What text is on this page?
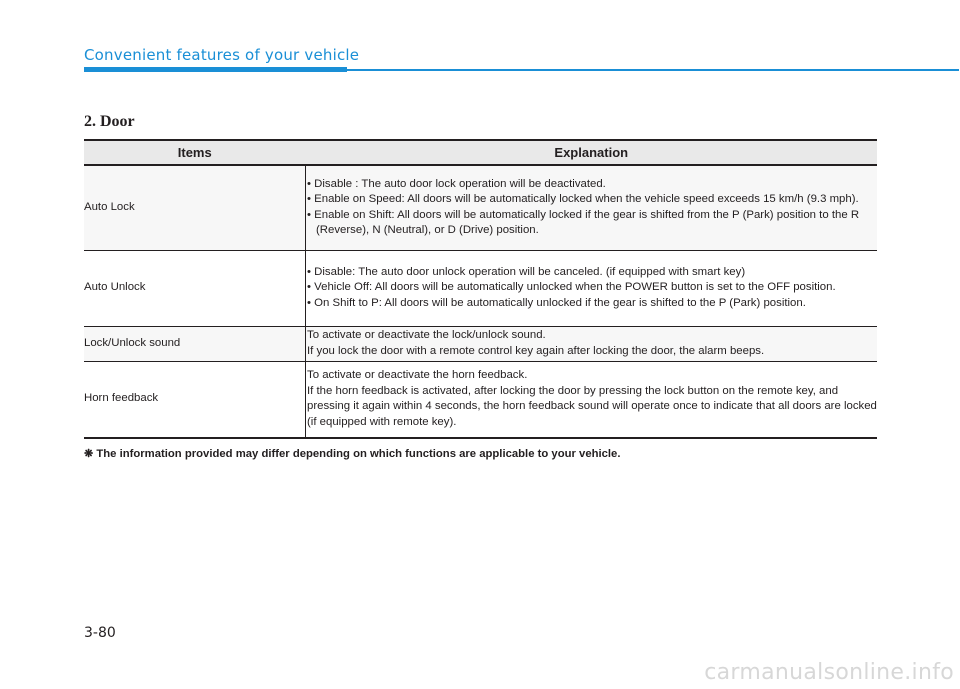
Convenient features of your vehicle
2. Door
Items	Explanation
Auto Lock	• Disable : The auto door lock operation will be deactivated.

• Enable on Speed: All doors will be automatically locked when the vehicle speed exceeds 15 km/h (9.3 mph).

• Enable on Shift: All doors will be automatically locked if the gear is shifted from the P (Park) position to the R (Reverse), N (Neutral), or D (Drive) position.

Auto Unlock	• Disable: The auto door unlock operation will be canceled. (if equipped with smart key)

• Vehicle Off: All doors will be automatically unlocked when the POWER button is set to the OFF position.

• On Shift to P: All doors will be automatically unlocked if the gear is shifted to the P (Park) position.

Lock/Unlock sound	To activate or deactivate the lock/unlock sound.

If you lock the door with a remote control key again after locking the door, the alarm beeps.

Horn feedback	To activate or deactivate the horn feedback.

If the horn feedback is activated, after locking the door by pressing the lock button on the remote key, and pressing it again within 4 seconds, the horn feedback sound will operate once to indicate that all doors are locked (if equipped with remote key).

❋ The information provided may differ depending on which functions are applicable to your vehicle.
3-80
carmanualsonline.info
